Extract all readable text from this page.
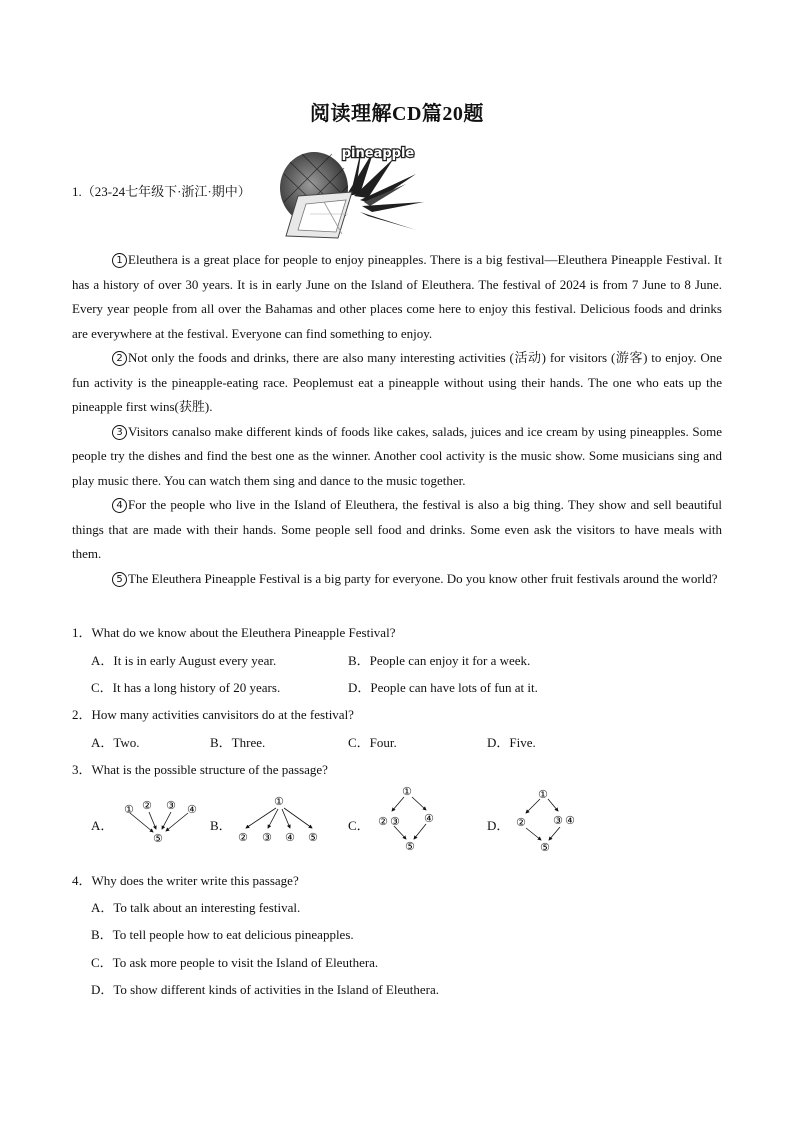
阅读理解CD篇20题
1.（23-24七年级下·浙江·期中）
pineapple

1 Eleuthera is a great place for people to enjoy pineapples. There is a big festival—Eleuthera Pineapple Festival. It has a history of over 30 years. It is in early June on the Island of Eleuthera. The festival of 2024 is from 7 June to 8 June. Every year people from all over the Bahamas and other places come here to enjoy this festival. Delicious foods and drinks are everywhere at the festival. Everyone can find something to enjoy.

2 Not only the foods and drinks, there are also many interesting activities (活动) for visitors (游客) to enjoy. One fun activity is the pineapple-eating race. Peoplemust eat a pineapple without using their hands. The one who eats up the pineapple first wins(获胜).

3 Visitors canalso make different kinds of foods like cakes, salads, juices and ice cream by using pineapples. Some people try the dishes and find the best one as the winner. Another cool activity is the music show. Some musicians sing and play music there. You can watch them sing and dance to the music together.

4 For the people who live in the Island of Eleuthera, the festival is also a big thing. They show and sell beautiful things that are made with their hands. Some people sell food and drinks. Some even ask the visitors to have meals with them.

5 The Eleuthera Pineapple Festival is a big party for everyone. Do you know other fruit festivals around the world?

1．What do we know about the Eleuthera Pineapple Festival?
A．It is in early August every year.	B．People can enjoy it for a week.
C．It has a long history of 20 years.	D．People can have lots of fun at it.
2．How many activities canvisitors do at the festival?
A．Two.	B．Three.	C．Four.	D．Five.
3．What is the possible structure of the passage?
A．	B．	C．	D．
① ② ③ ④
⑤
①
② ③ ④ ⑤
①
② ③ ④
⑤
①
② ③ ④
⑤
4．Why does the writer write this passage?
A．To talk about an interesting festival.
B．To tell people how to eat delicious pineapples.
C．To ask more people to visit the Island of Eleuthera.
D．To show different kinds of activities in the Island of Eleuthera.
